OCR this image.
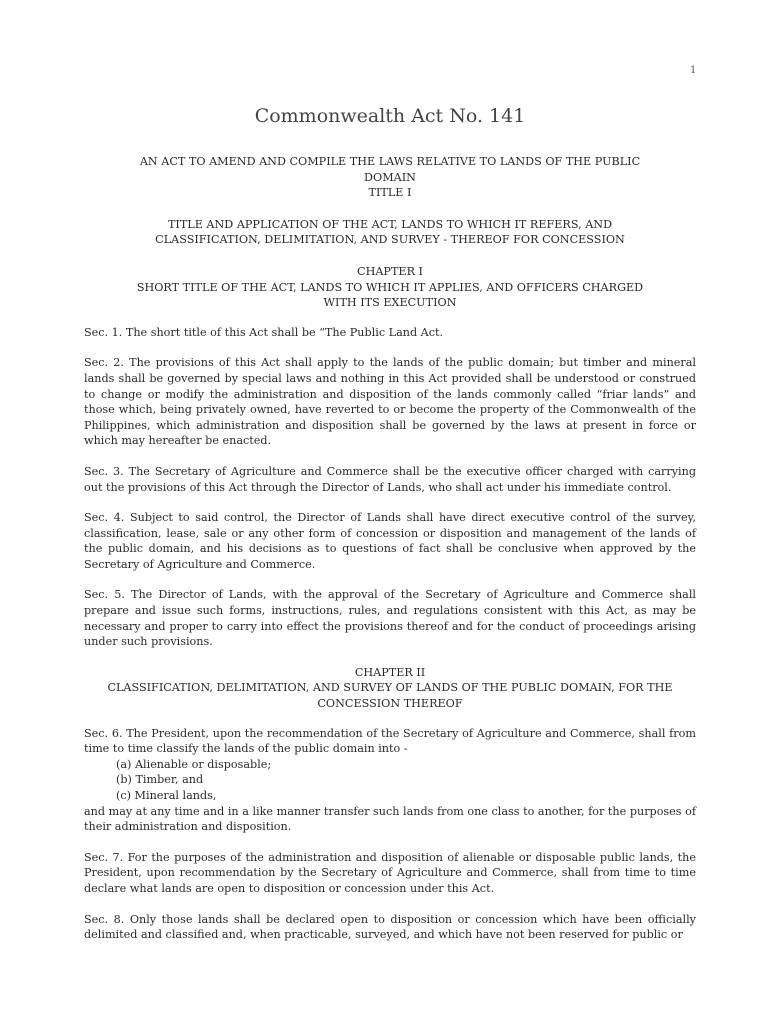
1
Commonwealth Act No. 141
AN ACT TO AMEND AND COMPILE THE LAWS RELATIVE TO LANDS OF THE PUBLIC
DOMAIN
TITLE I
TITLE AND APPLICATION OF THE ACT, LANDS TO WHICH IT REFERS, AND
CLASSIFICATION, DELIMITATION, AND SURVEY - THEREOF FOR CONCESSION
CHAPTER I
SHORT TITLE OF THE ACT, LANDS TO WHICH IT APPLIES, AND OFFICERS CHARGED
WITH ITS EXECUTION

Sec. 1. The short title of this Act shall be “The Public Land Act.

Sec. 2. The provisions of this Act shall apply to the lands of the public domain; but timber and mineral lands shall be governed by special laws and nothing in this Act provided shall be understood or construed to change or modify the administration and disposition of the lands commonly called “friar lands” and those which, being privately owned, have reverted to or become the property of the Commonwealth of the Philippines, which administration and disposition shall be governed by the laws at present in force or which may hereafter be enacted.

Sec. 3. The Secretary of Agriculture and Commerce shall be the executive officer charged with carrying out the provisions of this Act through the Director of Lands, who shall act under his immediate control.

Sec. 4. Subject to said control, the Director of Lands shall have direct executive control of the survey, classification, lease, sale or any other form of concession or disposition and management of the lands of the public domain, and his decisions as to questions of fact shall be conclusive when approved by the Secretary of Agriculture and Commerce.

Sec. 5. The Director of Lands, with the approval of the Secretary of Agriculture and Commerce shall prepare and issue such forms, instructions, rules, and regulations consistent with this Act, as may be necessary and proper to carry into effect the provisions thereof and for the conduct of proceedings arising under such provisions.

CHAPTER II
CLASSIFICATION, DELIMITATION, AND SURVEY OF LANDS OF THE PUBLIC DOMAIN, FOR THE
CONCESSION THEREOF
Sec. 6. The President, upon the recommendation of the Secretary of Agriculture and Commerce, shall from time to time classify the lands of the public domain into -
(a) Alienable or disposable;
(b) Timber, and
(c) Mineral lands,
and may at any time and in a like manner transfer such lands from one class to another, for the purposes of their administration and disposition.

Sec. 7. For the purposes of the administration and disposition of alienable or disposable public lands, the President, upon recommendation by the Secretary of Agriculture and Commerce, shall from time to time declare what lands are open to disposition or concession under this Act.

Sec. 8. Only those lands shall be declared open to disposition or concession which have been officially delimited and classified and, when practicable, surveyed, and which have not been reserved for public or
